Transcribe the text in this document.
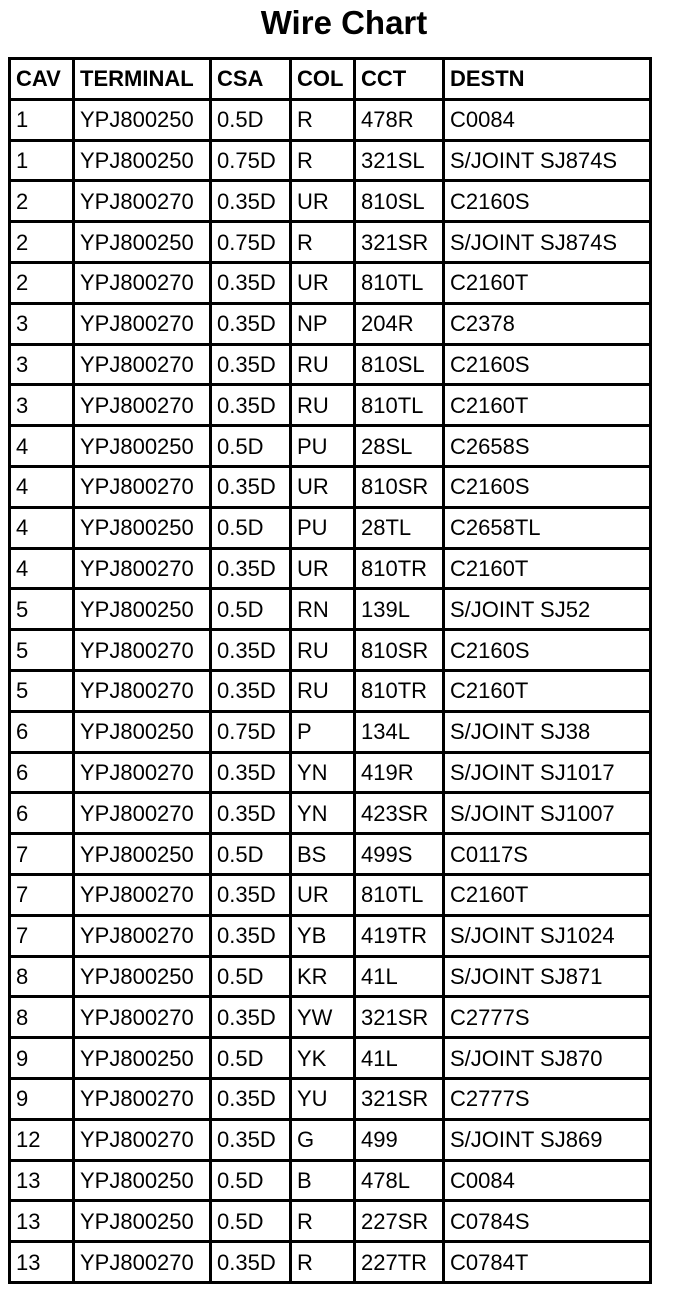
Wire Chart
CAV	TERMINAL	CSA	COL	CCT	DESTN
1	YPJ800250	0.5D	R	478R	C0084
1	YPJ800250	0.75D	R	321SL	S/JOINT SJ874S
2	YPJ800270	0.35D	UR	810SL	C2160S
2	YPJ800250	0.75D	R	321SR	S/JOINT SJ874S
2	YPJ800270	0.35D	UR	810TL	C2160T
3	YPJ800270	0.35D	NP	204R	C2378
3	YPJ800270	0.35D	RU	810SL	C2160S
3	YPJ800270	0.35D	RU	810TL	C2160T
4	YPJ800250	0.5D	PU	28SL	C2658S
4	YPJ800270	0.35D	UR	810SR	C2160S
4	YPJ800250	0.5D	PU	28TL	C2658TL
4	YPJ800270	0.35D	UR	810TR	C2160T
5	YPJ800250	0.5D	RN	139L	S/JOINT SJ52
5	YPJ800270	0.35D	RU	810SR	C2160S
5	YPJ800270	0.35D	RU	810TR	C2160T
6	YPJ800250	0.75D	P	134L	S/JOINT SJ38
6	YPJ800270	0.35D	YN	419R	S/JOINT SJ1017
6	YPJ800270	0.35D	YN	423SR	S/JOINT SJ1007
7	YPJ800250	0.5D	BS	499S	C0117S
7	YPJ800270	0.35D	UR	810TL	C2160T
7	YPJ800270	0.35D	YB	419TR	S/JOINT SJ1024
8	YPJ800250	0.5D	KR	41L	S/JOINT SJ871
8	YPJ800270	0.35D	YW	321SR	C2777S
9	YPJ800250	0.5D	YK	41L	S/JOINT SJ870
9	YPJ800270	0.35D	YU	321SR	C2777S
12	YPJ800270	0.35D	G	499	S/JOINT SJ869
13	YPJ800250	0.5D	B	478L	C0084
13	YPJ800250	0.5D	R	227SR	C0784S
13	YPJ800270	0.35D	R	227TR	C0784T
